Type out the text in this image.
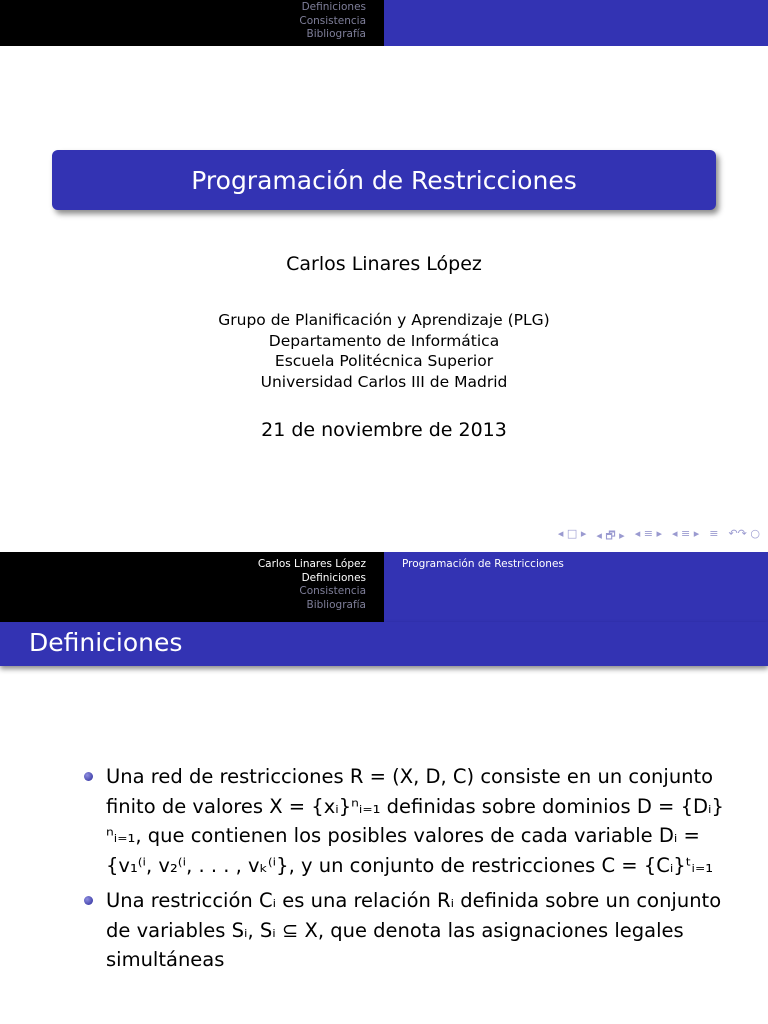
Definiciones
Consistencia
Bibliografía
Programación de Restricciones
Carlos Linares López
Grupo de Planificación y Aprendizaje (PLG)
Departamento de Informática
Escuela Politécnica Superior
Universidad Carlos III de Madrid
21 de noviembre de 2013
◂ □ ▸ ◂ 🗗 ▸ ◂ ≡ ▸ ◂ ≡ ▸ ≡ ↶↷ ○
Carlos Linares López
Definiciones
Consistencia
Bibliografía
Programación de Restricciones
Definiciones
Una red de restricciones R = (X, D, C) consiste en un conjunto finito de valores X = {xᵢ}ⁿᵢ₌₁ definidas sobre dominios D = {Dᵢ}ⁿᵢ₌₁, que contienen los posibles valores de cada variable Dᵢ = {v₁⁽ⁱ, v₂⁽ⁱ, . . . , vₖ⁽ⁱ}, y un conjunto de restricciones C = {Cᵢ}ᵗᵢ₌₁
Una restricción Cᵢ es una relación Rᵢ definida sobre un conjunto de variables Sᵢ, Sᵢ ⊆ X, que denota las asignaciones legales simultáneas
